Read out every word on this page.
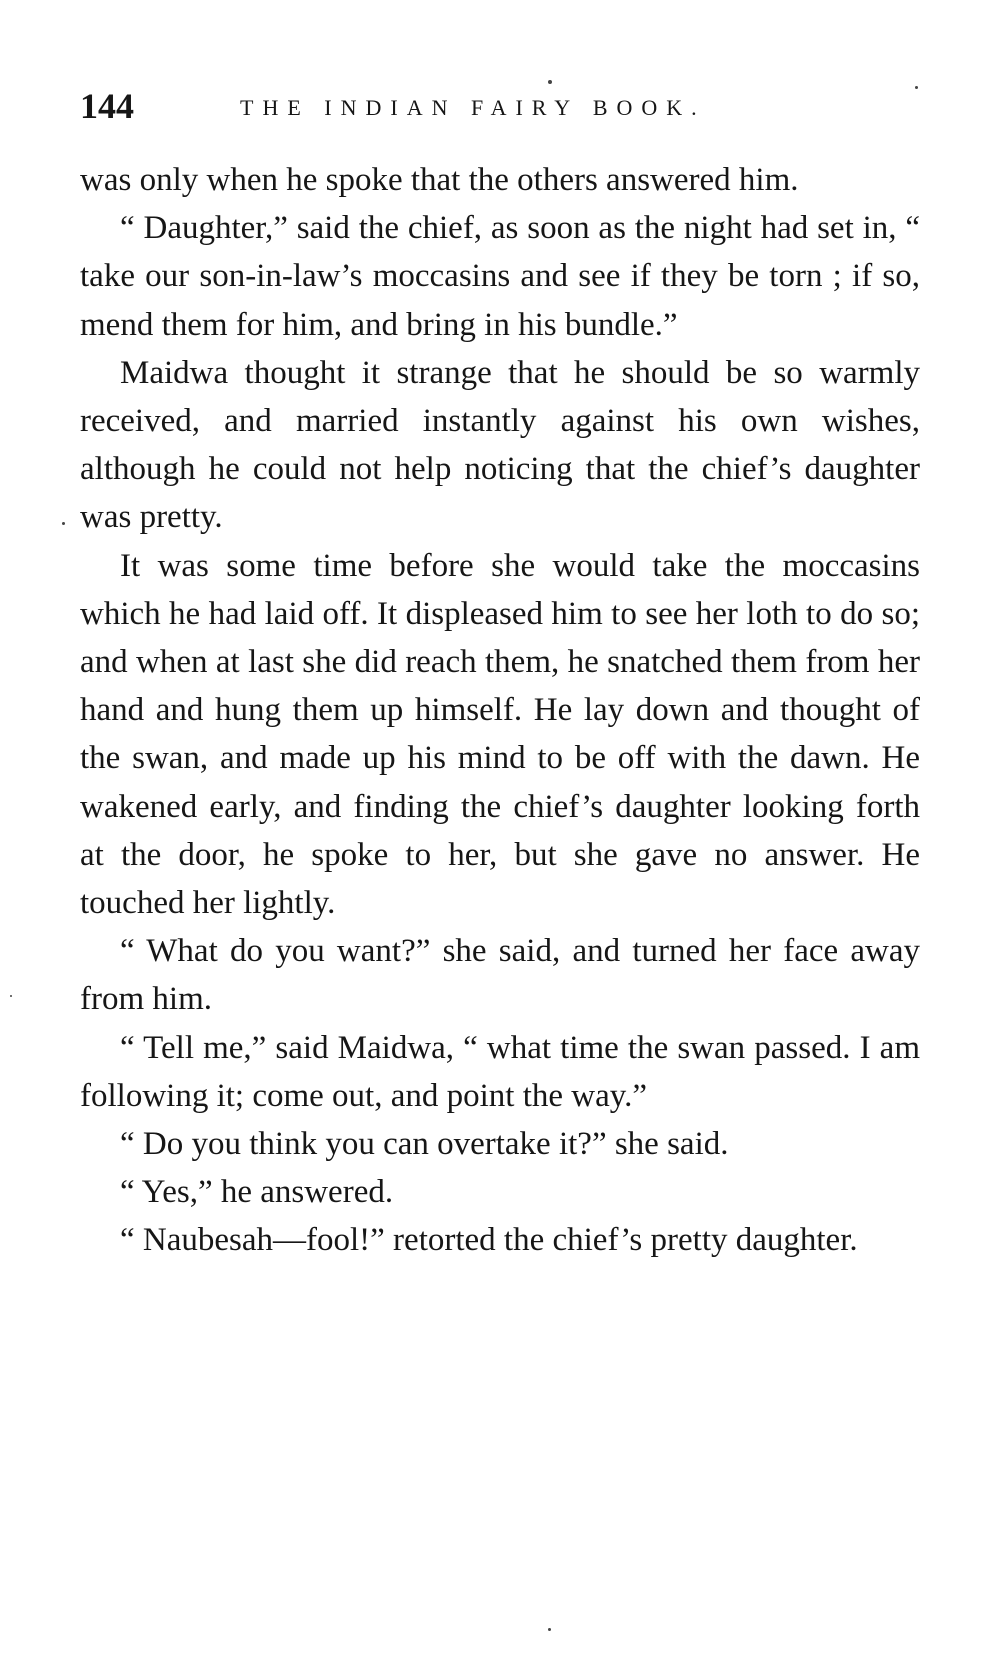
144	THE INDIAN FAIRY BOOK.

was only when he spoke that the others answered him.

“ Daughter,” said the chief, as soon as the night had set in, “ take our son-in-law’s moccasins and see if they be torn ; if so, mend them for him, and bring in his bundle.”

Maidwa thought it strange that he should be so warmly received, and married instantly against his own wishes, although he could not help noticing that the chief’s daughter was pretty.

It was some time before she would take the moccasins which he had laid off. It displeased him to see her loth to do so; and when at last she did reach them, he snatched them from her hand and hung them up himself. He lay down and thought of the swan, and made up his mind to be off with the dawn. He wakened early, and finding the chief’s daughter looking forth at the door, he spoke to her, but she gave no answer. He touched her lightly.

“ What do you want?” she said, and turned her face away from him.

“ Tell me,” said Maidwa, “ what time the swan passed. I am following it; come out, and point the way.”

“ Do you think you can overtake it?” she said.

“ Yes,” he answered.

“ Naubesah—fool!” retorted the chief’s pretty daughter.
